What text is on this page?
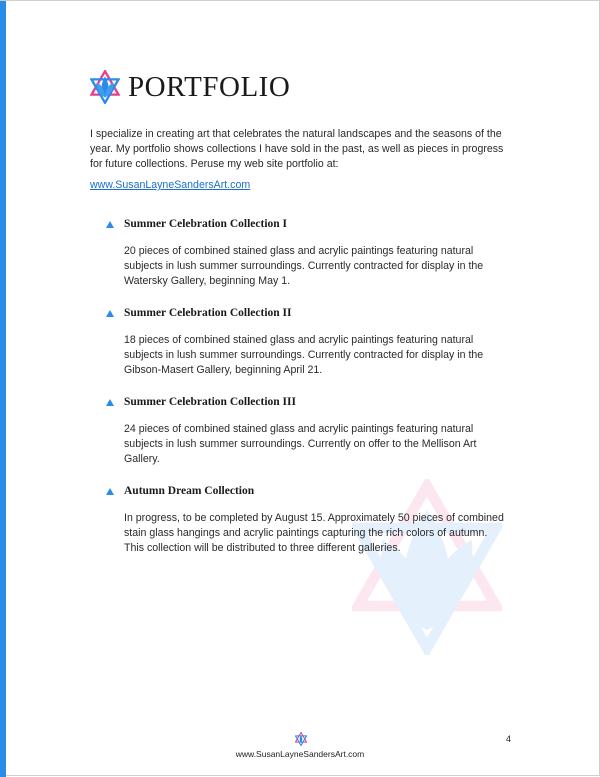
PORTFOLIO

I specialize in creating art that celebrates the natural landscapes and the seasons of the year. My portfolio shows collections I have sold in the past, as well as pieces in progress for future collections. Peruse my web site portfolio at:

www.SusanLayneSandersArt.com
Summer Celebration Collection I
20 pieces of combined stained glass and acrylic paintings featuring natural subjects in lush summer surroundings. Currently contracted for display in the Watersky Gallery, beginning May 1.
Summer Celebration Collection II
18 pieces of combined stained glass and acrylic paintings featuring natural subjects in lush summer surroundings. Currently contracted for display in the Gibson-Masert Gallery, beginning April 21.
Summer Celebration Collection III
24 pieces of combined stained glass and acrylic paintings featuring natural subjects in lush summer surroundings. Currently on offer to the Mellison Art Gallery.
Autumn Dream Collection
In progress, to be completed by August 15. Approximately 50 pieces of combined stain glass hangings and acrylic paintings capturing the rich colors of autumn. This collection will be distributed to three different galleries.
www.SusanLayneSandersArt.com
4
